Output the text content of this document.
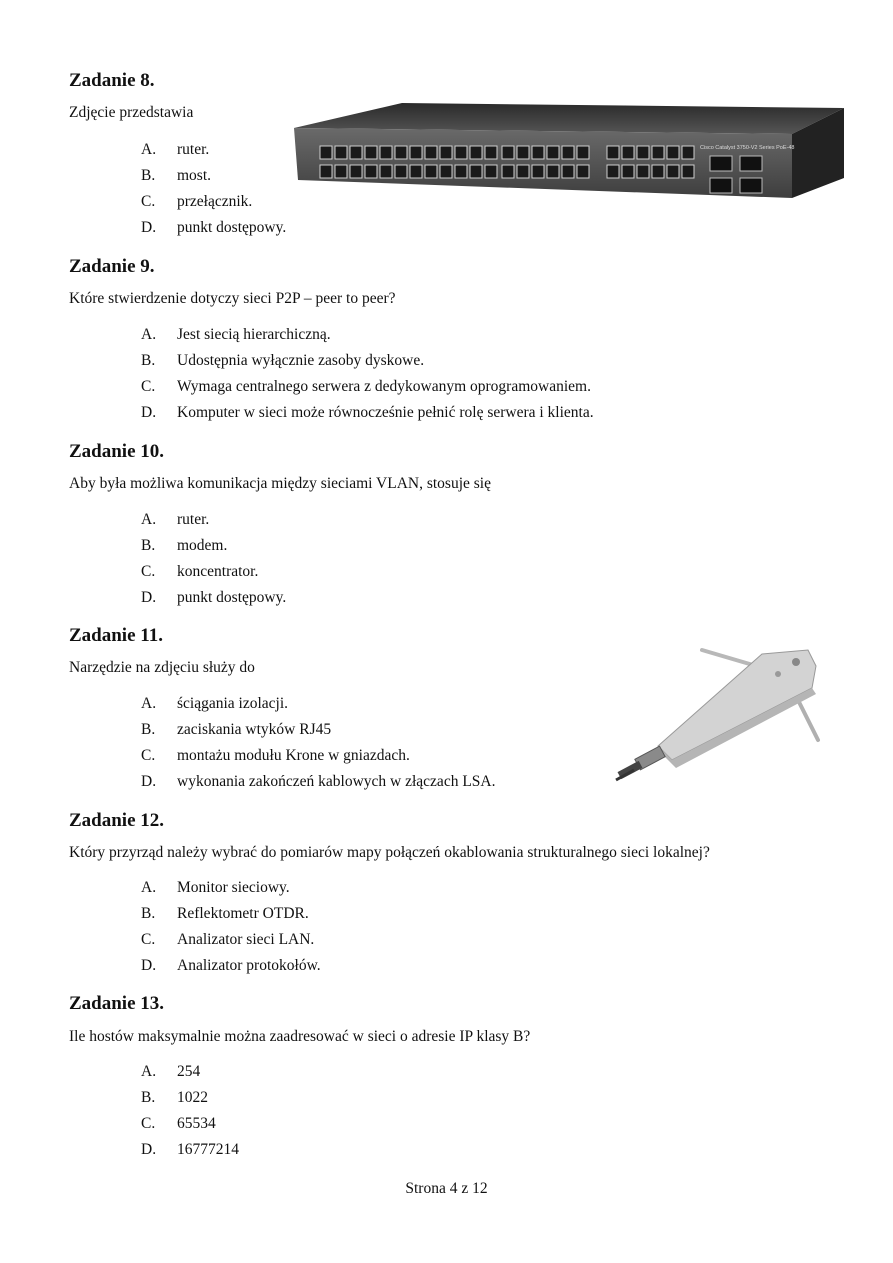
Zadanie 8.

Zdjęcie przedstawia

A.	ruter.
B.	most.
C.	przełącznik.
D.	punkt dostępowy.
Cisco Catalyst 3750-V2 Series PoE-48
Zadanie 9.

Które stwierdzenie dotyczy sieci P2P – peer to peer?

A.	Jest siecią hierarchiczną.
B.	Udostępnia wyłącznie zasoby dyskowe.
C.	Wymaga centralnego serwera z dedykowanym oprogramowaniem.
D.	Komputer w sieci może równocześnie pełnić rolę serwera i klienta.
Zadanie 10.

Aby była możliwa komunikacja między sieciami VLAN, stosuje się

A.	ruter.
B.	modem.
C.	koncentrator.
D.	punkt dostępowy.
Zadanie 11.

Narzędzie na zdjęciu służy do

A.	ściągania izolacji.
B.	zaciskania wtyków RJ45
C.	montażu modułu Krone w gniazdach.
D.	wykonania zakończeń kablowych w złączach LSA.
Zadanie 12.

Który przyrząd należy wybrać do pomiarów mapy połączeń okablowania strukturalnego sieci lokalnej?

A.	Monitor sieciowy.
B.	Reflektometr OTDR.
C.	Analizator sieci LAN.
D.	Analizator protokołów.
Zadanie 13.

Ile hostów maksymalnie można zaadresować w sieci o adresie IP klasy B?

A.	254
B.	1022
C.	65534
D.	16777214
Strona 4 z 12
